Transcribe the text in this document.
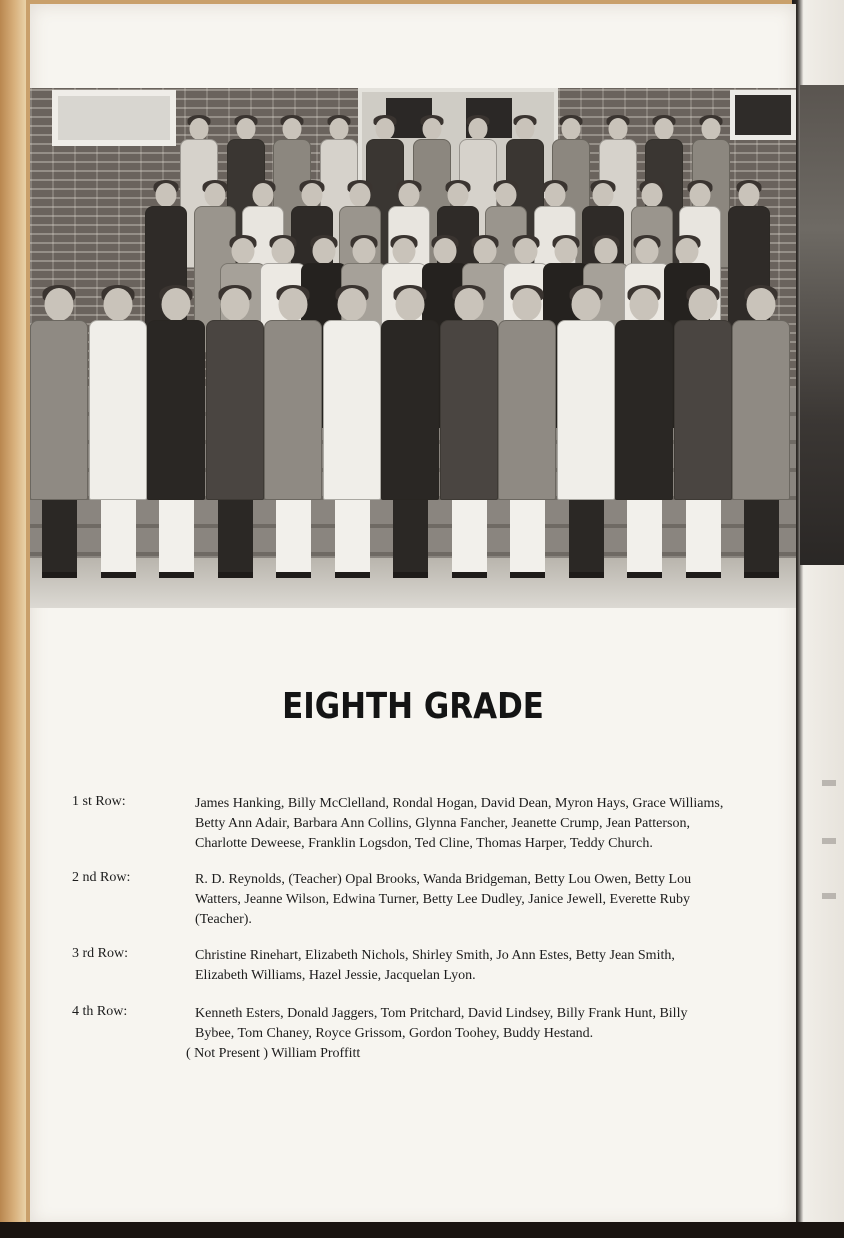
EIGHTH GRADE
1 st Row:	James Hanking, Billy McClelland, Rondal Hogan, David Dean, Myron Hays, Grace Williams,
Betty Ann Adair, Barbara Ann Collins, Glynna Fancher, Jeanette Crump, Jean Patterson,
Charlotte Deweese, Franklin Logsdon, Ted Cline, Thomas Harper, Teddy Church.
2 nd Row:	R. D. Reynolds, (Teacher) Opal Brooks, Wanda Bridgeman, Betty Lou Owen, Betty Lou
Watters, Jeanne Wilson, Edwina Turner, Betty Lee Dudley, Janice Jewell, Everette Ruby
(Teacher).
3 rd Row:	Christine Rinehart, Elizabeth Nichols, Shirley Smith, Jo Ann Estes, Betty Jean Smith,
Elizabeth Williams, Hazel Jessie, Jacquelan Lyon.
4 th Row:	Kenneth Esters, Donald Jaggers, Tom Pritchard, David Lindsey, Billy Frank Hunt, Billy
Bybee, Tom Chaney, Royce Grissom, Gordon Toohey, Buddy Hestand.
( Not Present ) William Proffitt
